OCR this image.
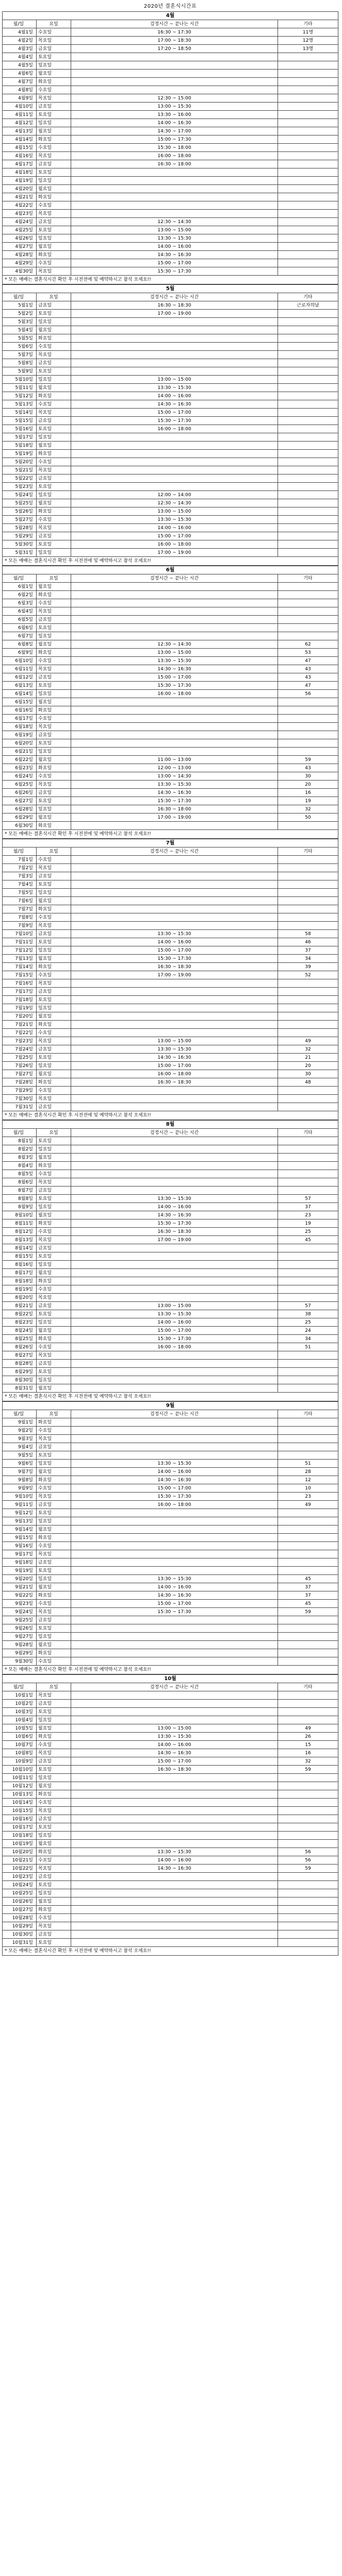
2020년 결혼식시간표
4월
월/일	요일	검정시간 ~ 끝나는 시간	기타
4월1일	수요일	16:30 ~ 17:30	11명
4월2일	목요일	17:00 ~ 18:30	12명
4월3일	금요일	17:20 ~ 18:50	13명
4월4일	토요일		
4월5일	일요일		
4월6일	월요일		
4월7일	화요일		
4월8일	수요일		
4월9일	목요일	12:30 ~ 15:00	
4월10일	금요일	13:00 ~ 15:30	
4월11일	토요일	13:30 ~ 16:00	
4월12일	일요일	14:00 ~ 16:30	
4월13일	월요일	14:30 ~ 17:00	
4월14일	화요일	15:00 ~ 17:30	
4월15일	수요일	15:30 ~ 18:00	
4월16일	목요일	16:00 ~ 18:00	
4월17일	금요일	16:30 ~ 18:00	
4월18일	토요일		
4월19일	일요일		
4월20일	월요일		
4월21일	화요일		
4월22일	수요일		
4월23일	목요일		
4월24일	금요일	12:30 ~ 14:30	
4월25일	토요일	13:00 ~ 15:00	
4월26일	일요일	13:30 ~ 15:30	
4월27일	월요일	14:00 ~ 16:00	
4월28일	화요일	14:30 ~ 16:30	
4월29일	수요일	15:00 ~ 17:00	
4월30일	목요일	15:30 ~ 17:30	
* 모든 예배는 결혼식시간 확인 후 시전전에 및 예약하시고 참석 오세요!!
5월
월/일	요일	검정시간 ~ 끝나는 시간	기타
5월1일	금요일	16:30 ~ 18:30	근로자의날
5월2일	토요일	17:00 ~ 19:00	
5월3일	일요일		
5월4일	월요일		
5월5일	화요일		
5월6일	수요일		
5월7일	목요일		
5월8일	금요일		
5월9일	토요일		
5월10일	일요일	13:00 ~ 15:00	
5월11일	월요일	13:30 ~ 15:30	
5월12일	화요일	14:00 ~ 16:00	
5월13일	수요일	14:30 ~ 16:30	
5월14일	목요일	15:00 ~ 17:00	
5월15일	금요일	15:30 ~ 17:30	
5월16일	토요일	16:00 ~ 18:00	
5월17일	일요일		
5월18일	월요일		
5월19일	화요일		
5월20일	수요일		
5월21일	목요일		
5월22일	금요일		
5월23일	토요일		
5월24일	일요일	12:00 ~ 14:00	
5월25일	월요일	12:30 ~ 14:30	
5월26일	화요일	13:00 ~ 15:00	
5월27일	수요일	13:30 ~ 15:30	
5월28일	목요일	14:00 ~ 16:00	
5월29일	금요일	15:00 ~ 17:00	
5월30일	토요일	16:00 ~ 18:00	
5월31일	일요일	17:00 ~ 19:00	
* 모든 예배는 결혼식시간 확인 후 시전전에 및 예약하시고 참석 오세요!!
6월
월/일	요일	검정시간 ~ 끝나는 시간	기타
6월1일	월요일		
6월2일	화요일		
6월3일	수요일		
6월4일	목요일		
6월5일	금요일		
6월6일	토요일		
6월7일	일요일		
6월8일	월요일	12:30 ~ 14:30	62
6월9일	화요일	13:00 ~ 15:00	53
6월10일	수요일	13:30 ~ 15:30	47
6월11일	목요일	14:30 ~ 16:30	43
6월12일	금요일	15:00 ~ 17:00	43
6월13일	토요일	15:30 ~ 17:30	47
6월14일	일요일	16:00 ~ 18:00	56
6월15일	월요일		
6월16일	화요일		
6월17일	수요일		
6월18일	목요일		
6월19일	금요일		
6월20일	토요일		
6월21일	일요일		
6월22일	월요일	11:00 ~ 13:00	59
6월23일	화요일	12:00 ~ 13:00	43
6월24일	수요일	13:00 ~ 14:30	30
6월25일	목요일	13:30 ~ 15:30	20
6월26일	금요일	14:30 ~ 16:30	16
6월27일	토요일	15:30 ~ 17:30	19
6월28일	일요일	16:30 ~ 18:00	32
6월29일	월요일	17:00 ~ 19:00	50
6월30일	화요일		
* 모든 예배는 결혼식시간 확인 후 시전전에 및 예약하시고 참석 오세요!!
7월
월/일	요일	검정시간 ~ 끝나는 시간	기타
7월1일	수요일		
7월2일	목요일		
7월3일	금요일		
7월4일	토요일		
7월5일	일요일		
7월6일	월요일		
7월7일	화요일		
7월8일	수요일		
7월9일	목요일		
7월10일	금요일	13:30 ~ 15:30	58
7월11일	토요일	14:00 ~ 16:00	46
7월12일	일요일	15:00 ~ 17:00	37
7월13일	월요일	15:30 ~ 17:30	34
7월14일	화요일	16:30 ~ 18:30	39
7월15일	수요일	17:00 ~ 19:00	52
7월16일	목요일		
7월17일	금요일		
7월18일	토요일		
7월19일	일요일		
7월20일	월요일		
7월21일	화요일		
7월22일	수요일		
7월23일	목요일	13:00 ~ 15:00	49
7월24일	금요일	13:30 ~ 15:30	32
7월25일	토요일	14:30 ~ 16:30	21
7월26일	일요일	15:00 ~ 17:00	20
7월27일	월요일	16:00 ~ 18:00	30
7월28일	화요일	16:30 ~ 18:30	48
7월29일	수요일		
7월30일	목요일		
7월31일	금요일		
* 모든 예배는 결혼식시간 확인 후 시전전에 및 예약하시고 참석 오세요!!
8월
월/일	요일	검정시간 ~ 끝나는 시간	기타
8월1일	토요일		
8월2일	일요일		
8월3일	월요일		
8월4일	화요일		
8월5일	수요일		
8월6일	목요일		
8월7일	금요일		
8월8일	토요일	13:30 ~ 15:30	57
8월9일	일요일	14:00 ~ 16:00	37
8월10일	월요일	14:30 ~ 16:30	23
8월11일	화요일	15:30 ~ 17:30	19
8월12일	수요일	16:30 ~ 18:30	25
8월13일	목요일	17:00 ~ 19:00	45
8월14일	금요일		
8월15일	토요일		
8월16일	일요일		
8월17일	월요일		
8월18일	화요일		
8월19일	수요일		
8월20일	목요일		
8월21일	금요일	13:00 ~ 15:00	57
8월22일	토요일	13:30 ~ 15:30	38
8월23일	일요일	14:00 ~ 16:00	25
8월24일	월요일	15:00 ~ 17:00	24
8월25일	화요일	15:30 ~ 17:30	34
8월26일	수요일	16:00 ~ 18:00	51
8월27일	목요일		
8월28일	금요일		
8월29일	토요일		
8월30일	일요일		
8월31일	월요일		
* 모든 예배는 결혼식시간 확인 후 시전전에 및 예약하시고 참석 오세요!!
9월
월/일	요일	검정시간 ~ 끝나는 시간	기타
9월1일	화요일		
9월2일	수요일		
9월3일	목요일		
9월4일	금요일		
9월5일	토요일		
9월6일	일요일	13:30 ~ 15:30	51
9월7일	월요일	14:00 ~ 16:00	28
9월8일	화요일	14:30 ~ 16:30	12
9월9일	수요일	15:00 ~ 17:00	10
9월10일	목요일	15:30 ~ 17:30	23
9월11일	금요일	16:00 ~ 18:00	49
9월12일	토요일		
9월13일	일요일		
9월14일	월요일		
9월15일	화요일		
9월16일	수요일		
9월17일	목요일		
9월18일	금요일		
9월19일	토요일		
9월20일	일요일	13:30 ~ 15:30	45
9월21일	월요일	14:00 ~ 16:00	37
9월22일	화요일	14:30 ~ 16:30	37
9월23일	수요일	15:00 ~ 17:00	45
9월24일	목요일	15:30 ~ 17:30	59
9월25일	금요일		
9월26일	토요일		
9월27일	일요일		
9월28일	월요일		
9월29일	화요일		
9월30일	수요일		
* 모든 예배는 결혼식시간 확인 후 시전전에 및 예약하시고 참석 오세요!!
10월
월/일	요일	검정시간 ~ 끝나는 시간	기타
10월1일	목요일		
10월2일	금요일		
10월3일	토요일		
10월4일	일요일		
10월5일	월요일	13:00 ~ 15:00	49
10월6일	화요일	13:30 ~ 15:30	26
10월7일	수요일	14:00 ~ 16:00	15
10월8일	목요일	14:30 ~ 16:30	16
10월9일	금요일	15:00 ~ 17:00	32
10월10일	토요일	16:30 ~ 18:30	59
10월11일	일요일		
10월12일	월요일		
10월13일	화요일		
10월14일	수요일		
10월15일	목요일		
10월16일	금요일		
10월17일	토요일		
10월18일	일요일		
10월19일	월요일		
10월20일	화요일	13:30 ~ 15:30	56
10월21일	수요일	14:00 ~ 16:00	56
10월22일	목요일	14:30 ~ 16:30	59
10월23일	금요일		
10월24일	토요일		
10월25일	일요일		
10월26일	월요일		
10월27일	화요일		
10월28일	수요일		
10월29일	목요일		
10월30일	금요일		
10월31일	토요일		
* 모든 예배는 결혼식시간 확인 후 시전전에 및 예약하시고 참석 오세요!!
